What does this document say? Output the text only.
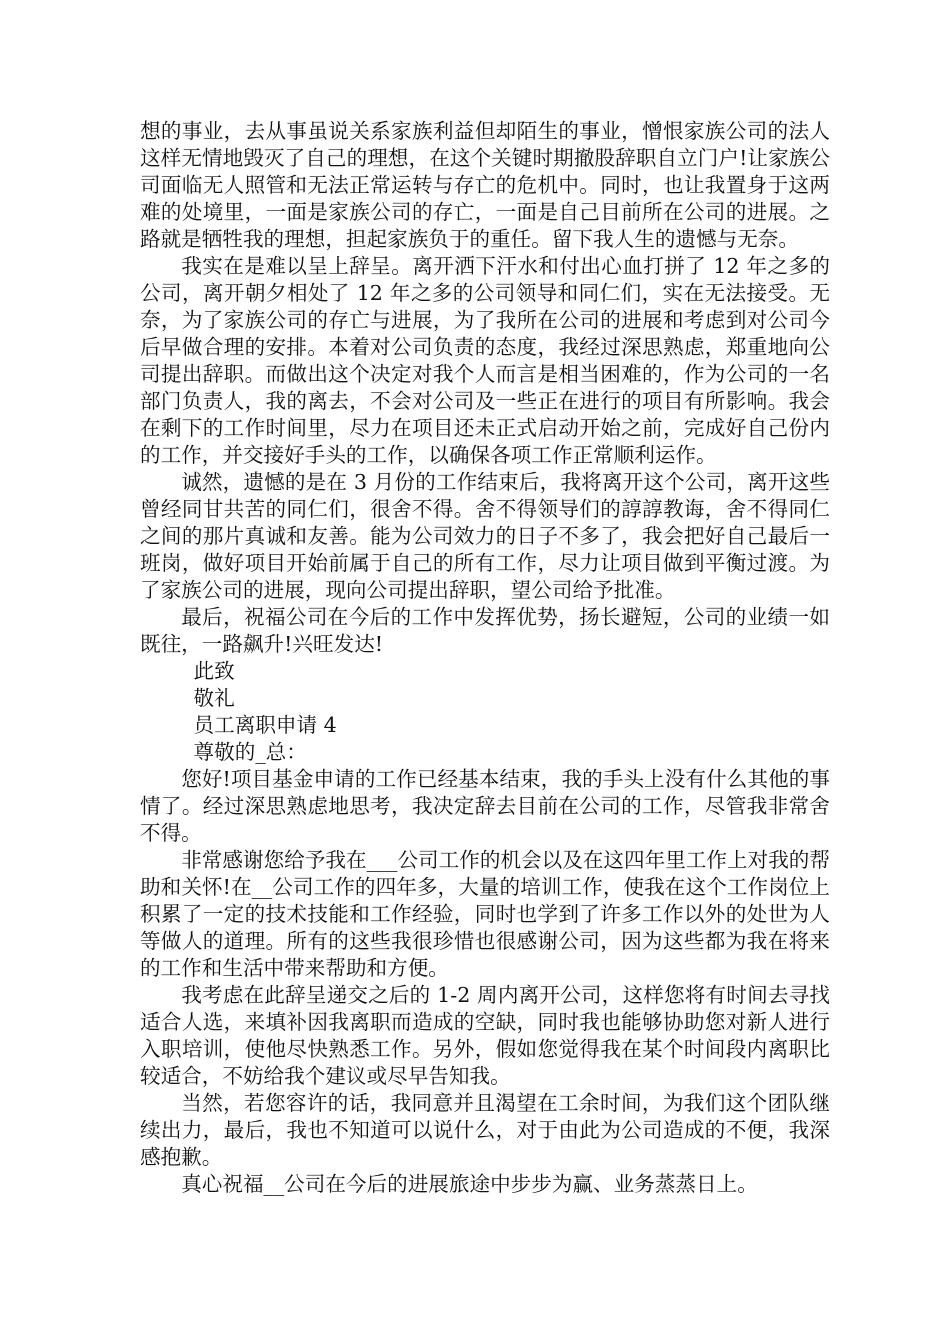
想的事业，去从事虽说关系家族利益但却陌生的事业，憎恨家族公司的法人这样无情地毁灭了自己的理想，在这个关键时期撤股辞职自立门户!让家族公司面临无人照管和无法正常运转与存亡的危机中。同时，也让我置身于这两难的处境里，一面是家族公司的存亡，一面是自己目前所在公司的进展。之路就是牺牲我的理想，担起家族负于的重任。留下我人生的遗憾与无奈。

我实在是难以呈上辞呈。离开洒下汗水和付出心血打拼了 12 年之多的公司，离开朝夕相处了 12 年之多的公司领导和同仁们，实在无法接受。无奈，为了家族公司的存亡与进展，为了我所在公司的进展和考虑到对公司今后早做合理的安排。本着对公司负责的态度，我经过深思熟虑，郑重地向公司提出辞职。而做出这个决定对我个人而言是相当困难的，作为公司的一名部门负责人，我的离去，不会对公司及一些正在进行的项目有所影响。我会在剩下的工作时间里，尽力在项目还未正式启动开始之前，完成好自己份内的工作，并交接好手头的工作，以确保各项工作正常顺利运作。

诚然，遗憾的是在 3 月份的工作结束后，我将离开这个公司，离开这些曾经同甘共苦的同仁们，很舍不得。舍不得领导们的諄諄教诲，舍不得同仁之间的那片真诚和友善。能为公司效力的日子不多了，我会把好自己最后一班岗，做好项目开始前属于自己的所有工作，尽力让项目做到平衡过渡。为了家族公司的进展，现向公司提出辞职，望公司给予批准。

最后，祝福公司在今后的工作中发挥优势，扬长避短，公司的业绩一如既往，一路飙升!兴旺发达!

此致

敬礼

员工离职申请 4

尊敬的_总：

您好!项目基金申请的工作已经基本结束，我的手头上没有什么其他的事情了。经过深思熟虑地思考，我决定辞去目前在公司的工作，尽管我非常舍不得。

非常感谢您给予我在___公司工作的机会以及在这四年里工作上对我的帮助和关怀!在__公司工作的四年多，大量的培训工作，使我在这个工作岗位上积累了一定的技术技能和工作经验，同时也学到了许多工作以外的处世为人等做人的道理。所有的这些我很珍惜也很感谢公司，因为这些都为我在将来的工作和生活中带来帮助和方便。

我考虑在此辞呈递交之后的 1-2 周内离开公司，这样您将有时间去寻找适合人选，来填补因我离职而造成的空缺，同时我也能够协助您对新人进行入职培训，使他尽快熟悉工作。另外，假如您觉得我在某个时间段内离职比较适合，不妨给我个建议或尽早告知我。

当然，若您容许的话，我同意并且渴望在工余时间，为我们这个团队继续出力，最后，我也不知道可以说什么，对于由此为公司造成的不便，我深感抱歉。

真心祝福__公司在今后的进展旅途中步步为赢、业务蒸蒸日上。
